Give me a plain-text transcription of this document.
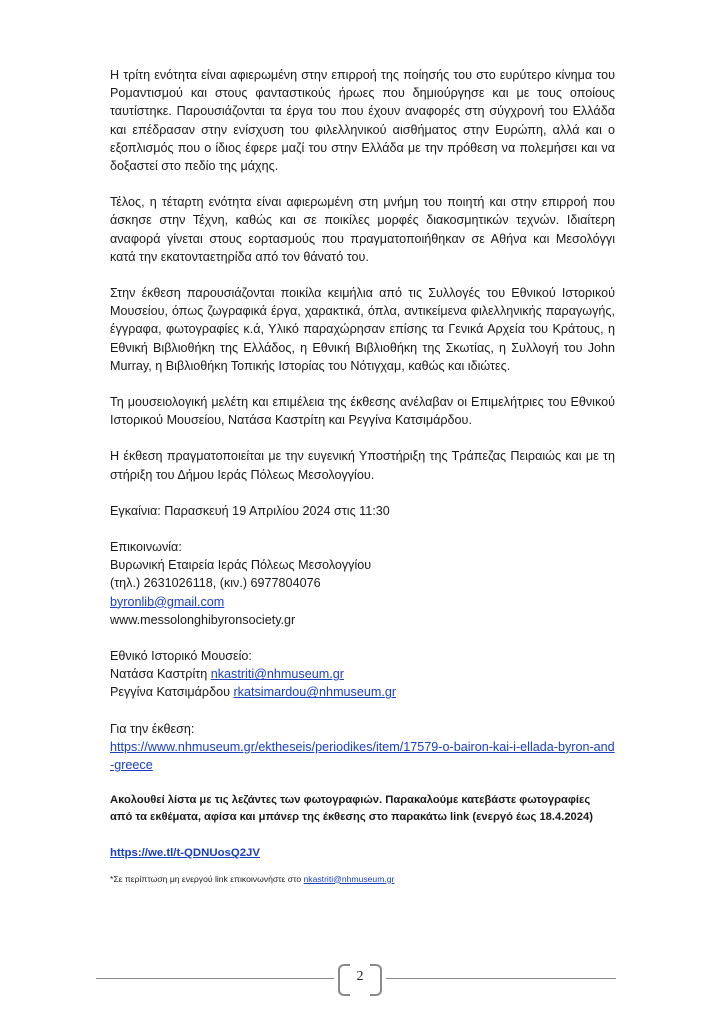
Η τρίτη ενότητα είναι αφιερωμένη στην επιρροή της ποίησής του στο ευρύτερο κίνημα του Ρομαντισμού και στους φανταστικούς ήρωες που δημιούργησε και με τους οποίους ταυτίστηκε. Παρουσιάζονται τα έργα του που έχουν αναφορές στη σύγχρονή του Ελλάδα και επέδρασαν στην ενίσχυση του φιλελληνικού αισθήματος στην Ευρώπη, αλλά και ο εξοπλισμός που ο ίδιος έφερε μαζί του στην Ελλάδα με την πρόθεση να πολεμήσει και να δοξαστεί στο πεδίο της μάχης.

Τέλος, η τέταρτη ενότητα είναι αφιερωμένη στη μνήμη του ποιητή και στην επιρροή που άσκησε στην Τέχνη, καθώς και σε ποικίλες μορφές διακοσμητικών τεχνών. Ιδιαίτερη αναφορά γίνεται στους εορτασμούς που πραγματοποιήθηκαν σε Αθήνα και Μεσολόγγι κατά την εκατονταετηρίδα από τον θάνατό του.

Στην έκθεση παρουσιάζονται ποικίλα κειμήλια από τις Συλλογές του Εθνικού Ιστορικού Μουσείου, όπως ζωγραφικά έργα, χαρακτικά, όπλα, αντικείμενα φιλελληνικής παραγωγής, έγγραφα, φωτογραφίες κ.ά, Υλικό παραχώρησαν επίσης τα Γενικά Αρχεία του Κράτους, η Εθνική Βιβλιοθήκη της Ελλάδος, η Εθνική Βιβλιοθήκη της Σκωτίας, η Συλλογή του John Murray, η Βιβλιοθήκη Τοπικής Ιστορίας του Νότιγχαμ, καθώς και ιδιώτες.

Τη μουσειολογική μελέτη και επιμέλεια της έκθεσης ανέλαβαν οι Επιμελήτριες του Εθνικού Ιστορικού Μουσείου, Νατάσα Καστρίτη και Ρεγγίνα Κατσιμάρδου.

Η έκθεση πραγματοποιείται με την ευγενική Υποστήριξη της Τράπεζας Πειραιώς και με τη στήριξη του Δήμου Ιεράς Πόλεως Μεσολογγίου.

Εγκαίνια: Παρασκευή 19 Απριλίου 2024 στις 11:30

Επικοινωνία:
Βυρωνική Εταιρεία Ιεράς Πόλεως Μεσολογγίου
(τηλ.) 2631026118, (κιν.) 6977804076
byronlib@gmail.com
www.messolonghibyronsociety.gr
Εθνικό Ιστορικό Μουσείο:
Νατάσα Καστρίτη nkastriti@nhmuseum.gr
Ρεγγίνα Κατσιμάρδου rkatsimardou@nhmuseum.gr
Για την έκθεση:
https://www.nhmuseum.gr/ektheseis/periodikes/item/17579-o-bairon-kai-i-ellada-byron-and-greece

Ακολουθεί λίστα με τις λεζάντες των φωτογραφιών. Παρακαλούμε κατεβάστε φωτογραφίες από τα εκθέματα, αφίσα και μπάνερ της έκθεσης στο παρακάτω link (ενεργό έως 18.4.2024)

https://we.tl/t-QDNUosQ2JV

*Σε περίπτωση μη ενεργού link επικοινωνήστε στο nkastriti@nhmuseum.gr

2
